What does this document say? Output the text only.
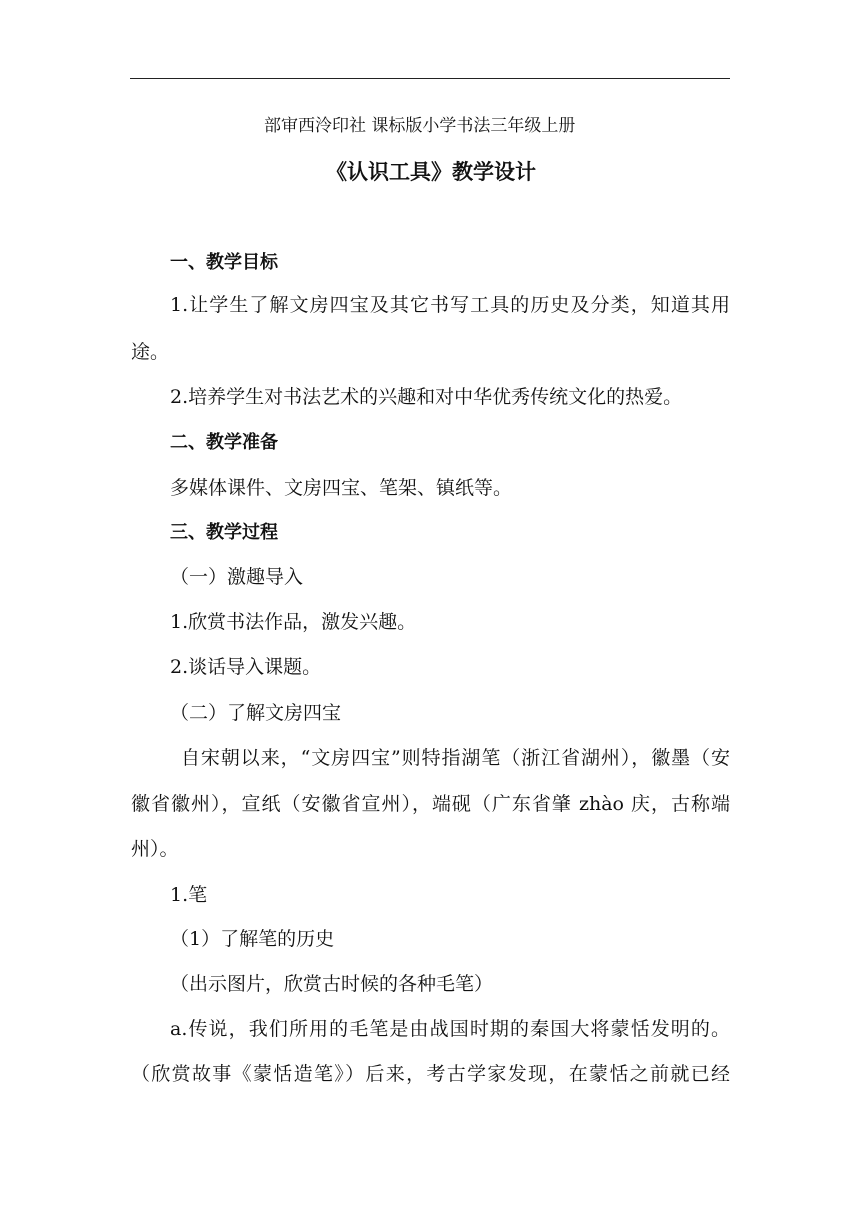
部审西泠印社 课标版小学书法三年级上册
《认识工具》教学设计
一、教学目标
1.让学生了解文房四宝及其它书写工具的历史及分类，知道其用
途。
2.培养学生对书法艺术的兴趣和对中华优秀传统文化的热爱。
二、教学准备
多媒体课件、文房四宝、笔架、镇纸等。
三、教学过程
（一）激趣导入
1.欣赏书法作品，激发兴趣。
2.谈话导入课题。
（二）了解文房四宝
自宋朝以来，“文房四宝”则特指湖笔（浙江省湖州），徽墨（安
徽省徽州），宣纸（安徽省宣州），端砚（广东省肇 zhào 庆，古称端
州）。
1.笔
（1）了解笔的历史
（出示图片，欣赏古时候的各种毛笔）
a.传说，我们所用的毛笔是由战国时期的秦国大将蒙恬发明的。
（欣赏故事《蒙恬造笔》）后来，考古学家发现，在蒙恬之前就已经
